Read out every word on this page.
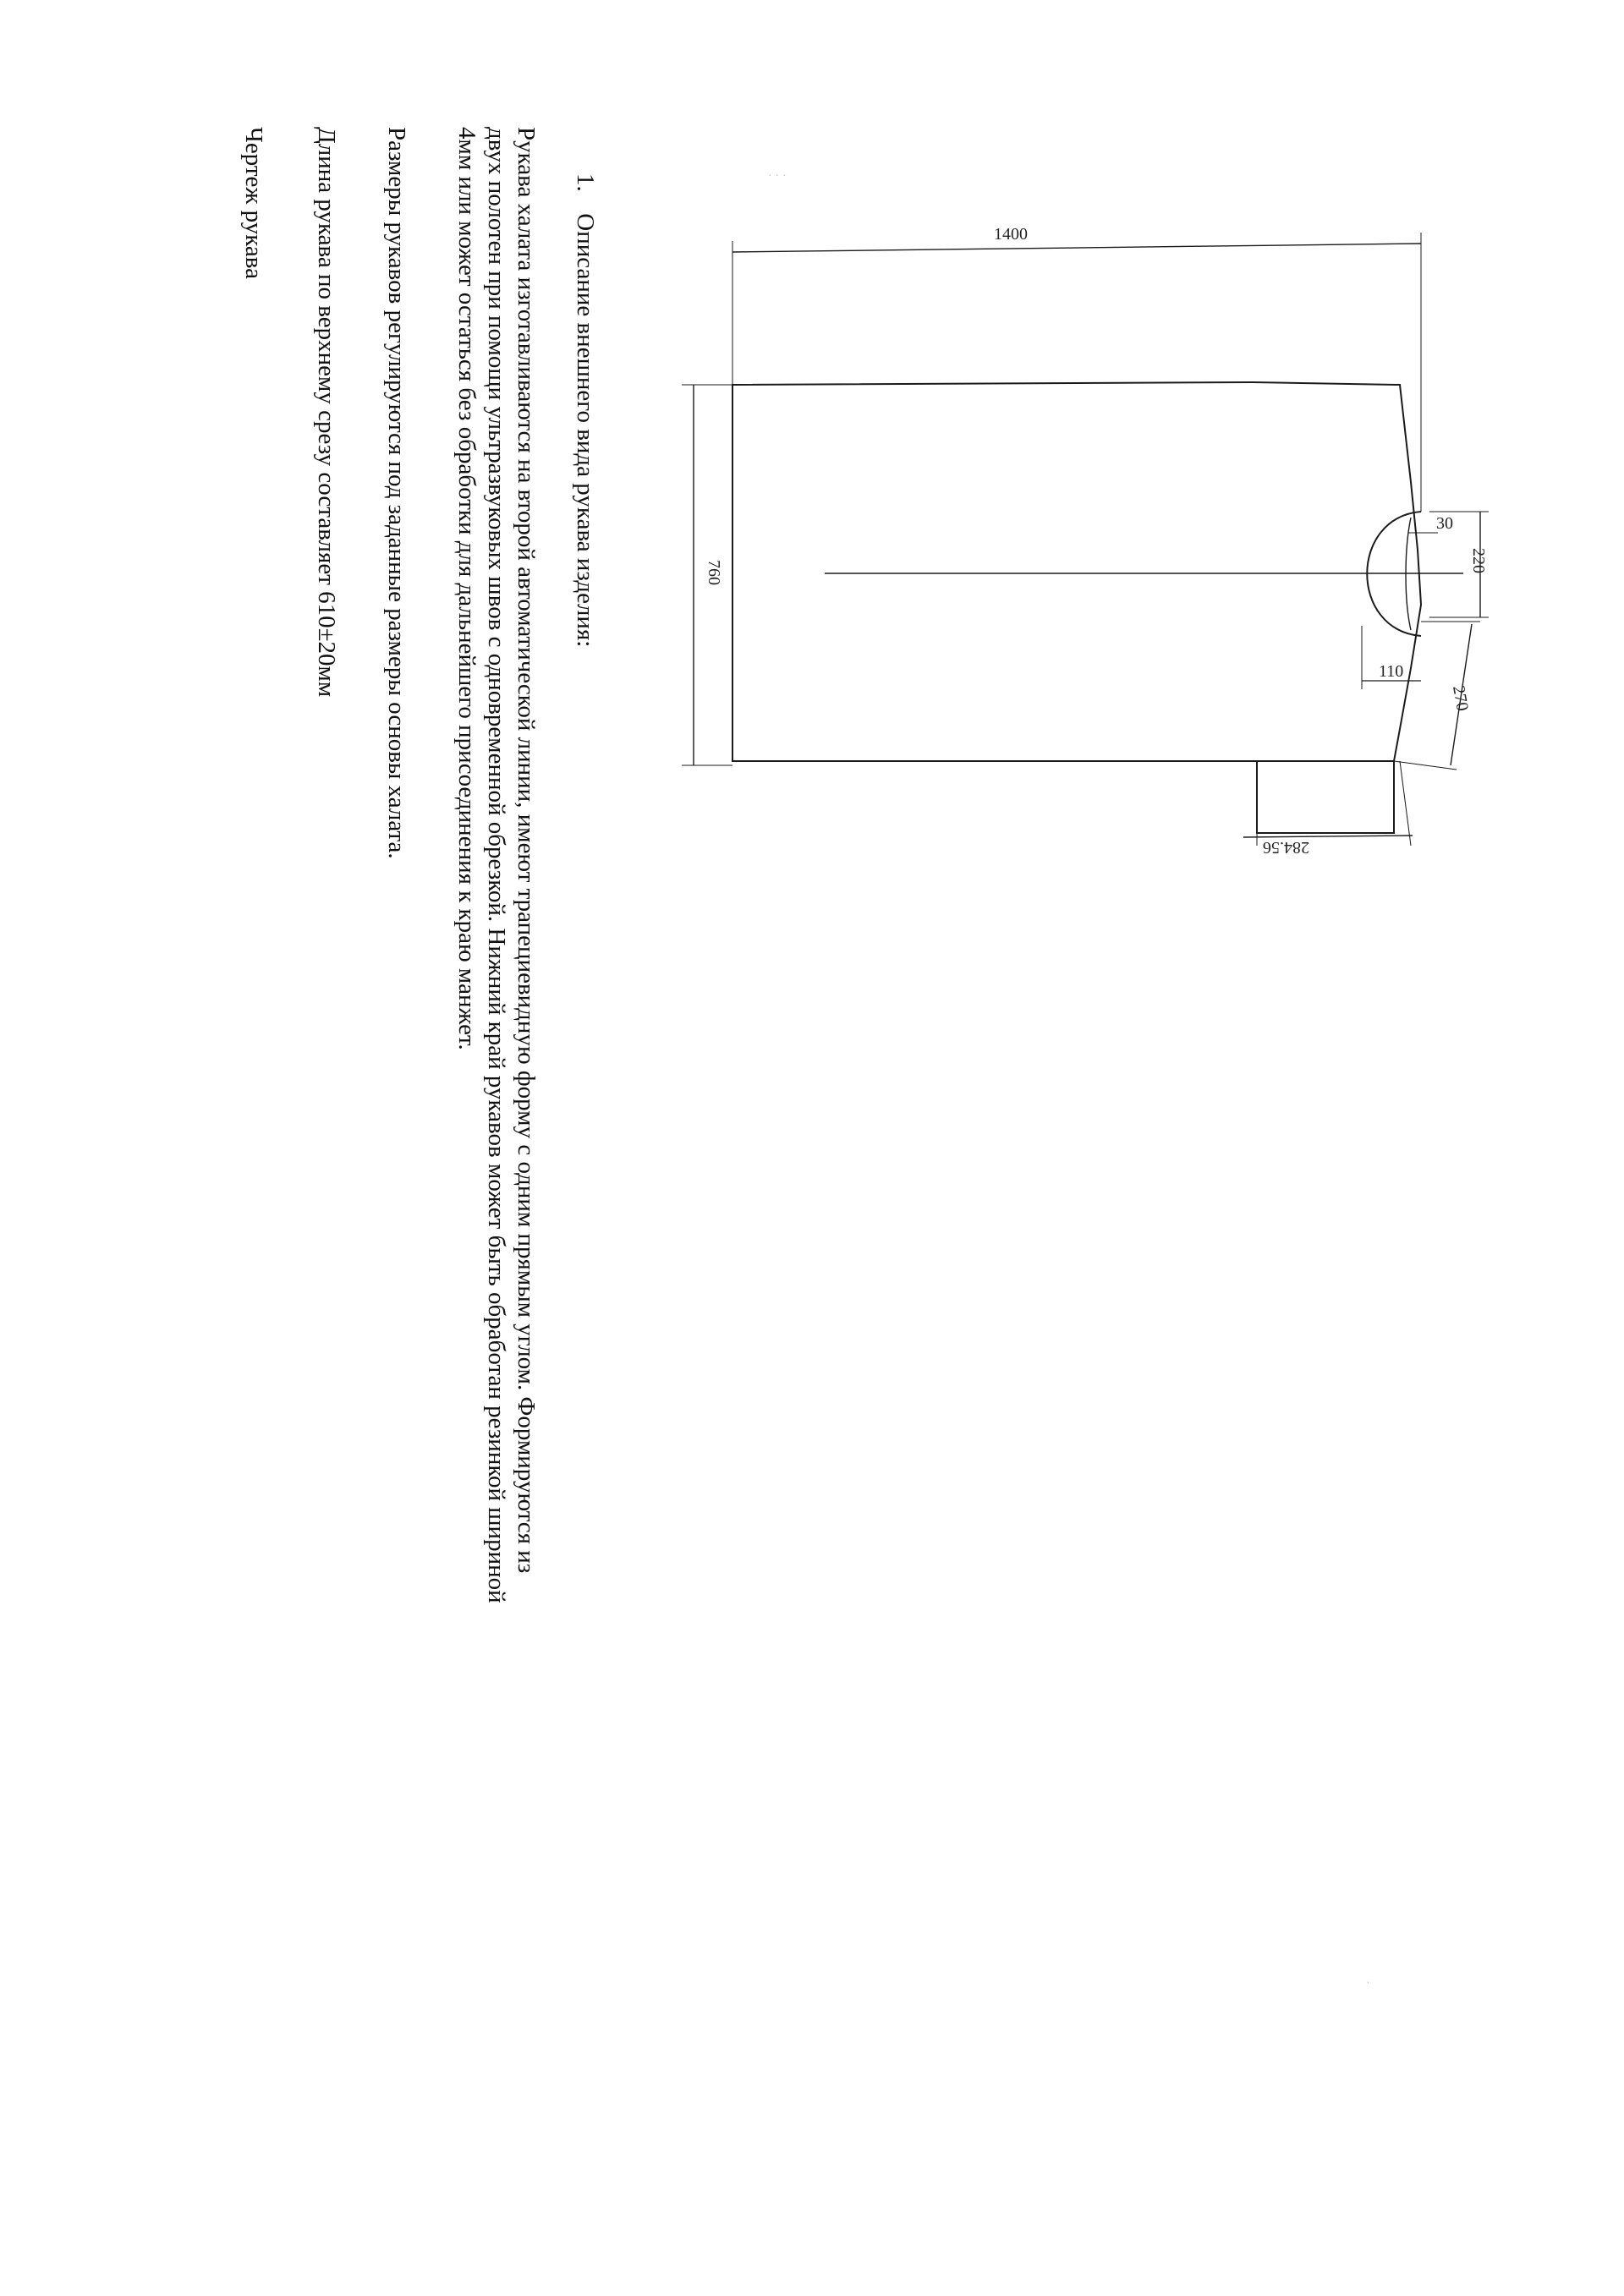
1400
760	220
30
110
270
284.56
· · ·
·
1. Описание внешнего вида рукава изделия:
Рукава халата изготавливаются на второй автоматической линии, имеют трапециевидную форму с одним прямым углом. Формируются из
двух полотен при помощи ультразвуковых швов с одновременной обрезкой. Нижний край рукавов может быть обработан резинкой шириной
4мм или может остаться без обработки для дальнейшего присоединения к краю манжет.
Размеры рукавов регулируются под заданные размеры основы халата.
Длина рукава по верхнему срезу составляет 610±20мм
Чертеж рукава
